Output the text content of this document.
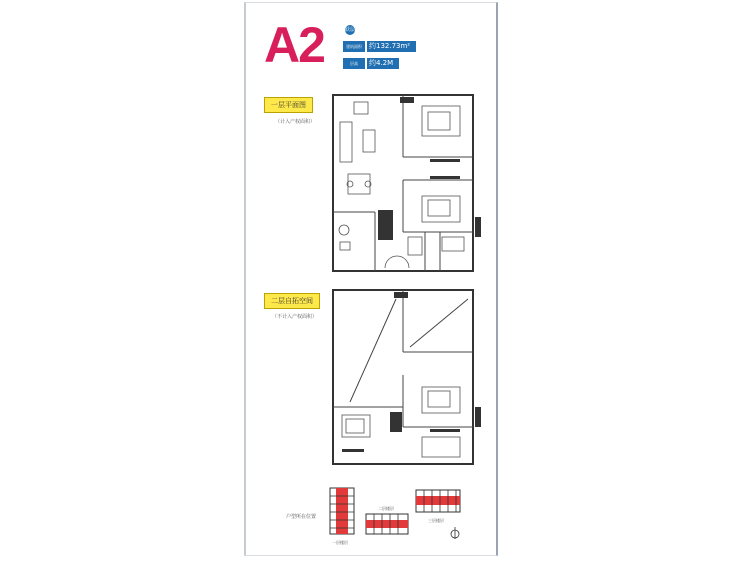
A2	跃层
建筑面积	约132.73m²
层高	约4.2M
一层平面图
（计入产权面积）
二层自拓空间
（不计入产权面积）
户型所在位置
一层楼层
二层楼层
三层楼层
